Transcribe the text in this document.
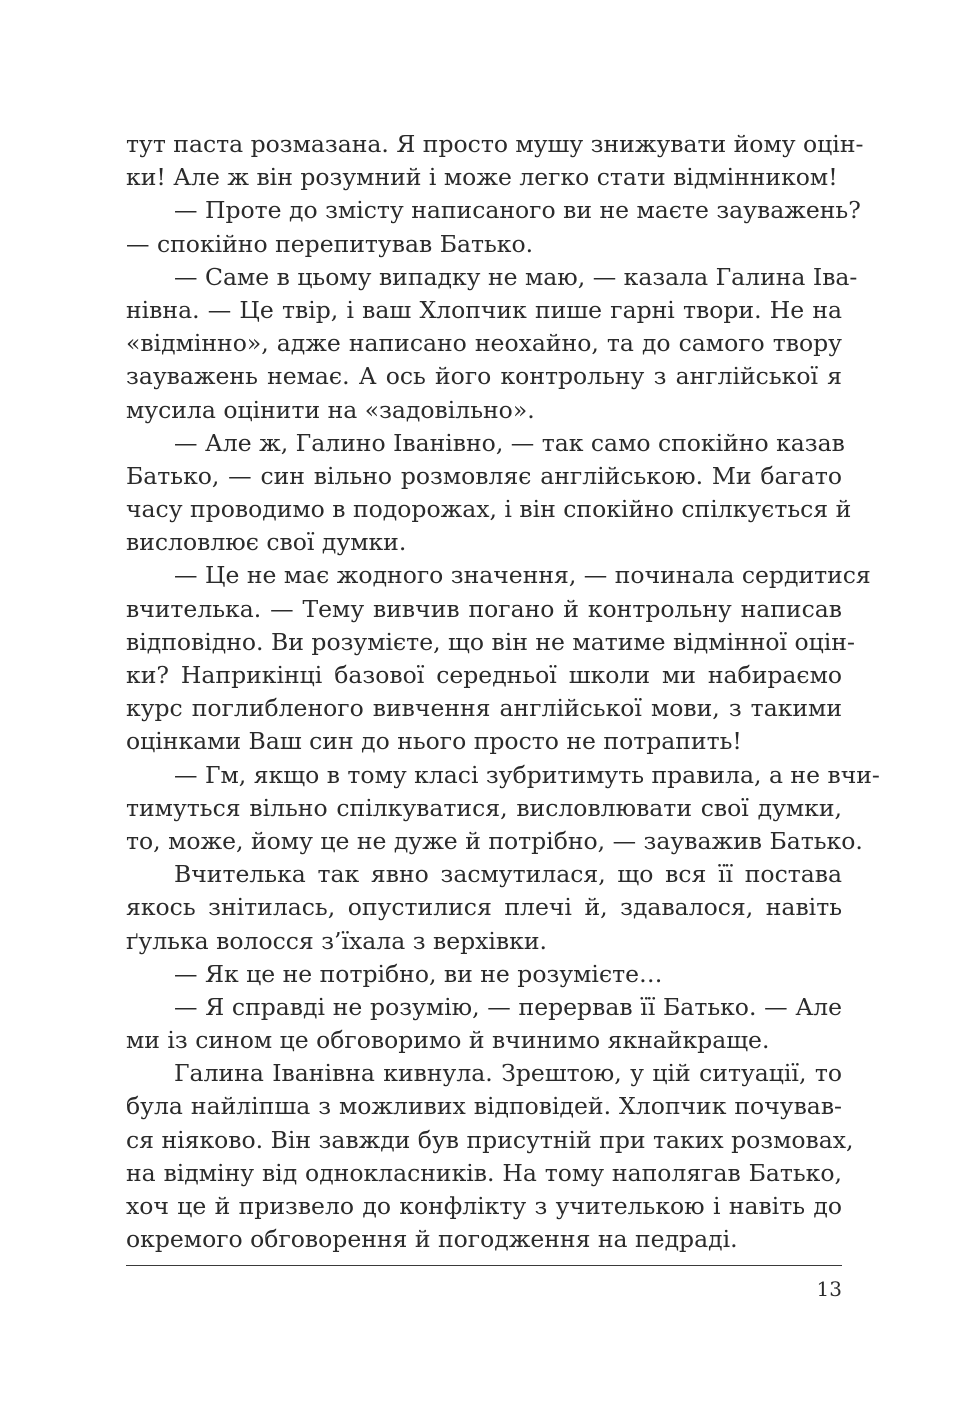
тут паста розмазана. Я просто мушу знижувати йому оцін-
ки! Але ж він розумний і може легко стати відмінником!
— Проте до змісту написаного ви не маєте зауважень?
— спокійно перепитував Батько.
— Саме в цьому випадку не маю, — казала Галина Іва-
нівна. — Це твір, і ваш Хлопчик пише гарні твори. Не на
«відмінно», адже написано неохайно, та до самого твору
зауважень немає. А ось його контрольну з англійської я
мусила оцінити на «задовільно».
— Але ж, Галино Іванівно, — так само спокійно казав
Батько, — син вільно розмовляє англійською. Ми багато
часу проводимо в подорожах, і він спокійно спілкується й
висловлює свої думки.
— Це не має жодного значення, — починала сердитися
вчителька. — Тему вивчив погано й контрольну написав
відповідно. Ви розумієте, що він не матиме відмінної оцін-
ки? Наприкінці базової середньої школи ми набираємо
курс поглибленого вивчення англійської мови, з такими
оцінками Ваш син до нього просто не потрапить!
— Гм, якщо в тому класі зубритимуть правила, а не вчи-
тимуться вільно спілкуватися, висловлювати свої думки,
то, може, йому це не дуже й потрібно, — зауважив Батько.
Вчителька так явно засмутилася, що вся її постава
якось знітилась, опустилися плечі й, здавалося, навіть
ґулька волосся з’їхала з верхівки.
— Як це не потрібно, ви не розумієте…
— Я справді не розумію, — перервав її Батько. — Але
ми із сином це обговоримо й вчинимо якнайкраще.
Галина Іванівна кивнула. Зрештою, у цій ситуації, то
була найліпша з можливих відповідей. Хлопчик почував-
ся ніяково. Він завжди був присутній при таких розмовах,
на відміну від однокласників. На тому наполягав Батько,
хоч це й призвело до конфлікту з учителькою і навіть до
окремого обговорення й погодження на педраді.
13
